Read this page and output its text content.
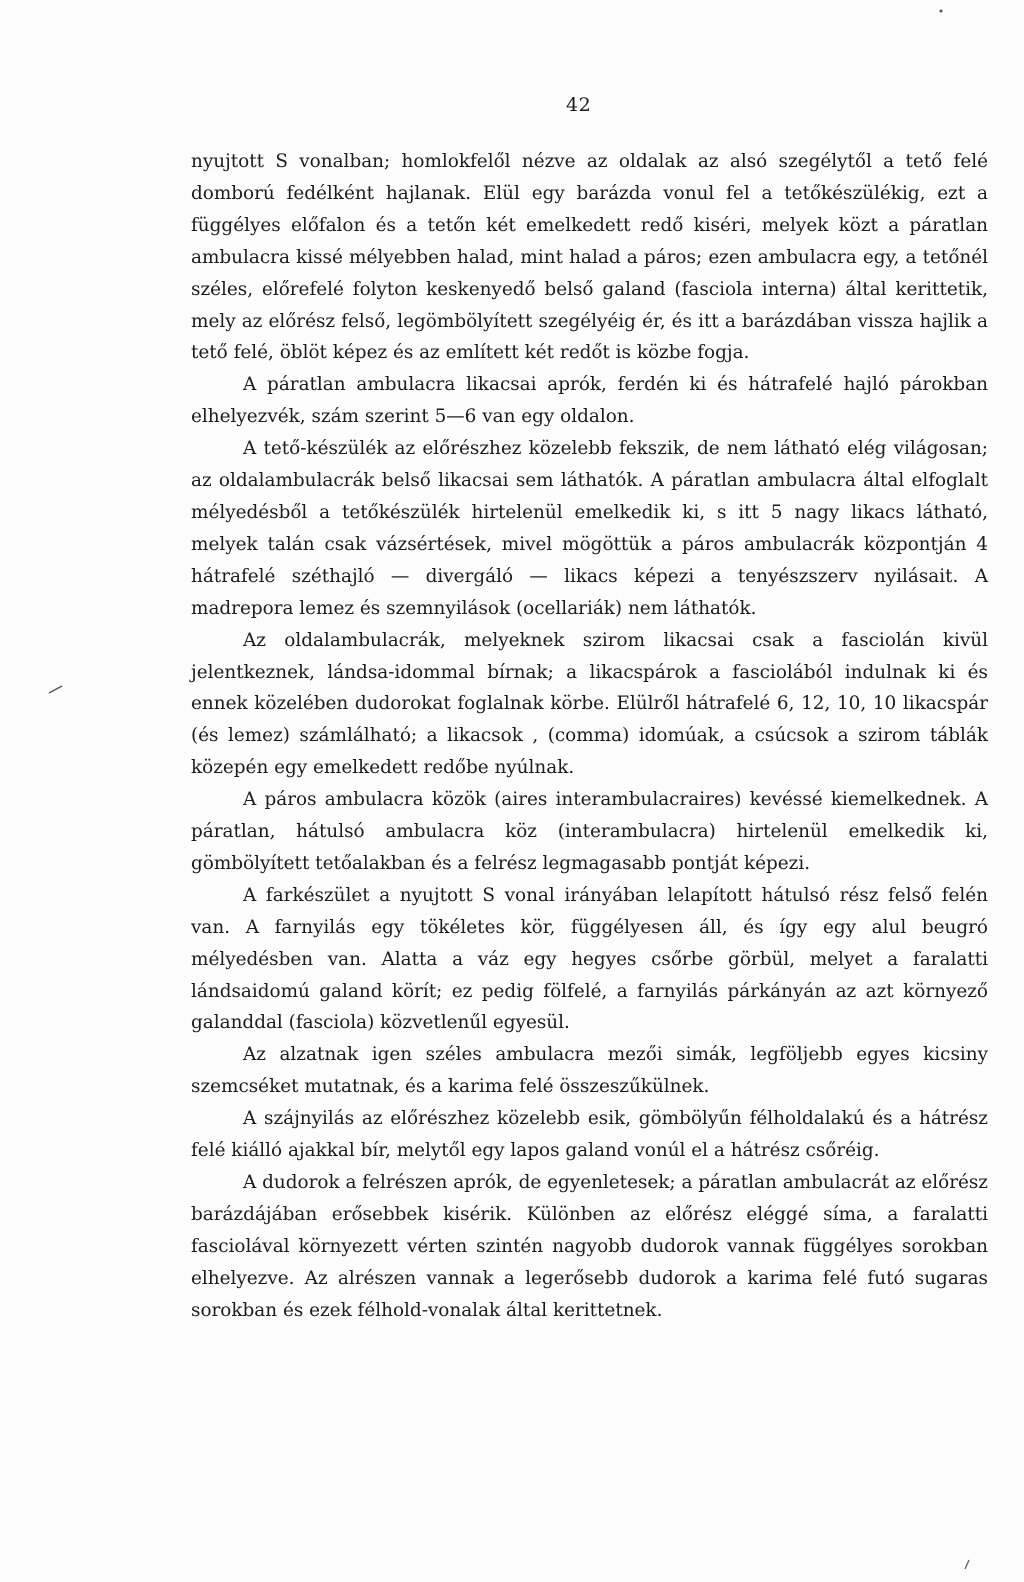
42

nyujtott S vonalban; homlokfelől nézve az oldalak az alsó szegélytől a tető felé domború fedélként hajlanak. Elül egy barázda vonul fel a tetőkészülékig, ezt a függélyes előfalon és a tetőn két emelkedett redő kiséri, melyek közt a páratlan ambulacra kissé mélyebben halad, mint halad a páros; ezen ambulacra egy, a tetőnél széles, előrefelé folyton keskenyedő belső galand (fasciola interna) által kerittetik, mely az előrész felső, legömbölyített szegélyéig ér, és itt a barázdában vissza hajlik a tető felé, öblöt képez és az említett két redőt is közbe fogja.

A páratlan ambulacra likacsai aprók, ferdén ki és hátrafelé hajló párokban elhelyezvék, szám szerint 5—6 van egy oldalon.

A tető-készülék az előrészhez közelebb fekszik, de nem látható elég világosan; az oldalambulacrák belső likacsai sem láthatók. A páratlan ambulacra által elfoglalt mélyedésből a tetőkészülék hirtelenül emelkedik ki, s itt 5 nagy likacs látható, melyek talán csak vázsértések, mivel mögöttük a páros ambulacrák központján 4 hátrafelé széthajló — divergáló — likacs képezi a tenyészszerv nyilásait. A madrepora lemez és szemnyilások (ocellariák) nem láthatók.

Az oldalambulacrák, melyeknek szirom likacsai csak a fasciolán kivül jelentkeznek, lándsa-idommal bírnak; a likacspárok a fasciolából indulnak ki és ennek közelében dudorokat foglalnak körbe. Elülről hátrafelé 6, 12, 10, 10 likacspár (és lemez) számlálható; a likacsok , (comma) idomúak, a csúcsok a szirom táblák közepén egy emelkedett redőbe nyúlnak.

A páros ambulacra közök (aires interambulacraires) kevéssé kiemelkednek. A páratlan, hátulsó ambulacra köz (interambulacra) hirtelenül emelkedik ki, gömbölyített tetőalakban és a felrész legmagasabb pontját képezi.

A farkészület a nyujtott S vonal irányában lelapított hátulsó rész felső felén van. A farnyilás egy tökéletes kör, függélyesen áll, és így egy alul beugró mélyedésben van. Alatta a váz egy hegyes csőrbe görbül, melyet a faralatti lándsaidomú galand körít; ez pedig fölfelé, a farnyilás párkányán az azt környező galanddal (fasciola) közvetlenűl egyesül.

Az alzatnak igen széles ambulacra mezői simák, legföljebb egyes kicsiny szemcséket mutatnak, és a karima felé összeszűkülnek.

A szájnyilás az előrészhez közelebb esik, gömbölyűn félholdalakú és a hátrész felé kiálló ajakkal bír, melytől egy lapos galand vonúl el a hátrész csőréig.

A dudorok a felrészen aprók, de egyenletesek; a páratlan ambulacrát az előrész barázdájában erősebbek kisérik. Különben az előrész eléggé síma, a faralatti fasciolával környezett vérten szintén nagyobb dudorok vannak függélyes sorokban elhelyezve. Az alrészen vannak a legerősebb dudorok a karima felé futó sugaras sorokban és ezek félhold-vonalak által kerittetnek.
